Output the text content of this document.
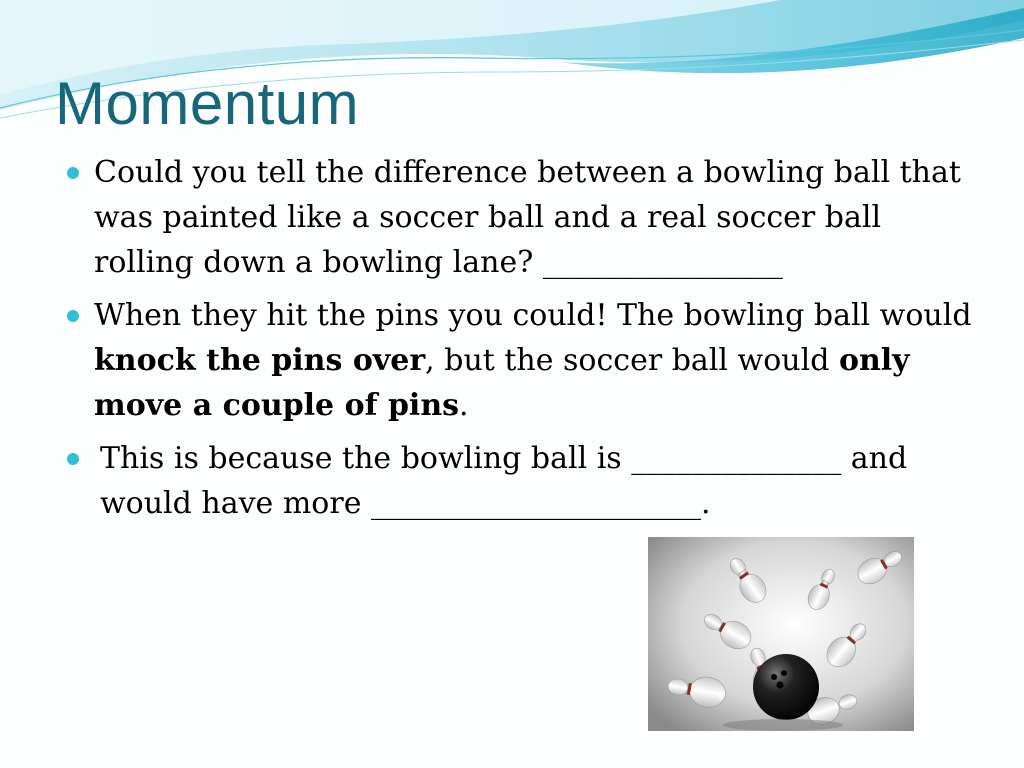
Momentum
Could you tell the difference between a bowling ball that was painted like a soccer ball and a real soccer ball rolling down a bowling lane? ________________
When they hit the pins you could! The bowling ball would knock the pins over, but the soccer ball would only move a couple of pins.
This is because the bowling ball is ______________ and would have more ______________________.
